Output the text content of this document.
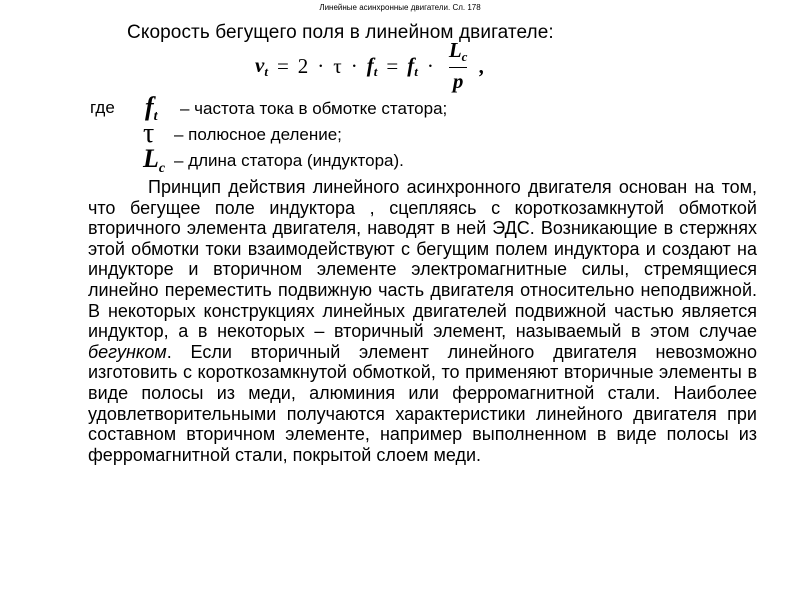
Линейные асинхронные двигатели. Сл. 178
Скорость бегущего поля в линейном двигателе:
$v_t = 2 \cdot \tau \cdot f_t = f_t \cdot \frac{L_c}{p}$ ,
где $f_t$ – частота тока в обмотке статора;
τ – полюсное деление;
$L_c$ – длина статора (индуктора).
Принцип действия линейного асинхронного двигателя основан на том, что бегущее поле индуктора , сцепляясь с короткозамкнутой обмоткой вторичного элемента двигателя, наводят в ней ЭДС. Возникающие в стержнях этой обмотки токи взаимодействуют с бегущим полем индуктора и создают на индукторе и вторичном элементе электромагнитные силы, стремящиеся линейно переместить подвижную часть двигателя относительно неподвижной. В некоторых конструкциях линейных двигателей подвижной частью является индуктор, а в некоторых – вторичный элемент, называемый в этом случае бегунком. Если вторичный элемент линейного двигателя невозможно изготовить с короткозамкнутой обмоткой, то применяют вторичные элементы в виде полосы из меди, алюминия или ферромагнитной стали. Наиболее удовлетворительными получаются характеристики линейного двигателя при составном вторичном элементе, например выполненном в виде полосы из ферромагнитной стали, покрытой слоем меди.
